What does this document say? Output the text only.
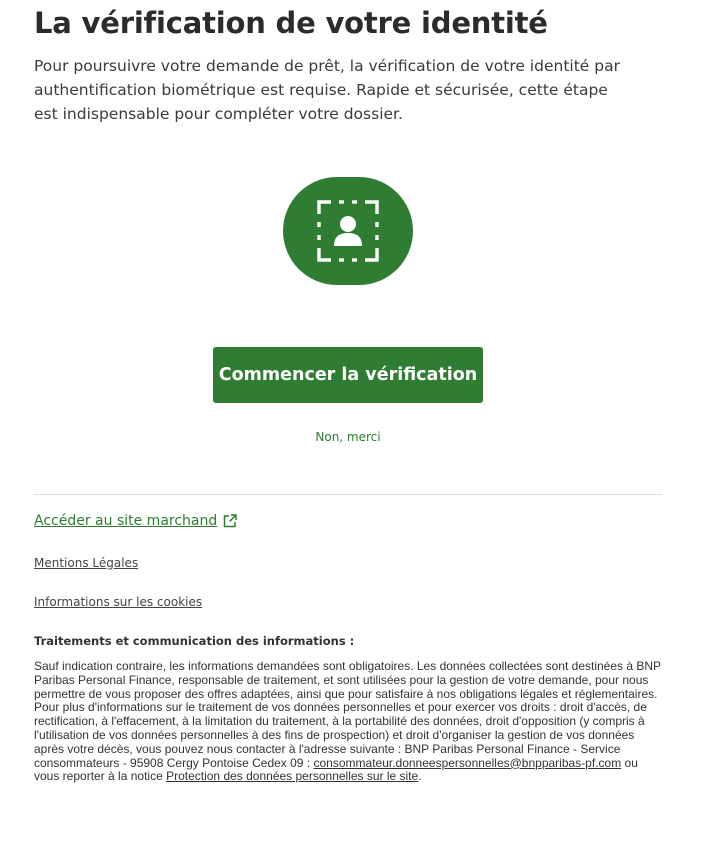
La vérification de votre identité

Pour poursuivre votre demande de prêt, la vérification de votre identité par authentification biométrique est requise. Rapide et sécurisée, cette étape est indispensable pour compléter votre dossier.

Commencer la vérification
Non, merci
Accéder au site marchand
Mentions Légales
Informations sur les cookies
Traitements et communication des informations :

Sauf indication contraire, les informations demandées sont obligatoires. Les données collectées sont destinées à BNP Paribas Personal Finance, responsable de traitement, et sont utilisées pour la gestion de votre demande, pour nous permettre de vous proposer des offres adaptées, ainsi que pour satisfaire à nos obligations légales et réglementaires. Pour plus d'informations sur le traitement de vos données personnelles et pour exercer vos droits : droit d'accès, de rectification, à l'effacement, à la limitation du traitement, à la portabilité des données, droit d'opposition (y compris à l'utilisation de vos données personnelles à des fins de prospection) et droit d'organiser la gestion de vos données après votre décès, vous pouvez nous contacter à l'adresse suivante : BNP Paribas Personal Finance - Service consommateurs - 95908 Cergy Pontoise Cedex 09 : consommateur.donneespersonnelles@bnpparibas-pf.com ou vous reporter à la notice Protection des données personnelles sur le site.
